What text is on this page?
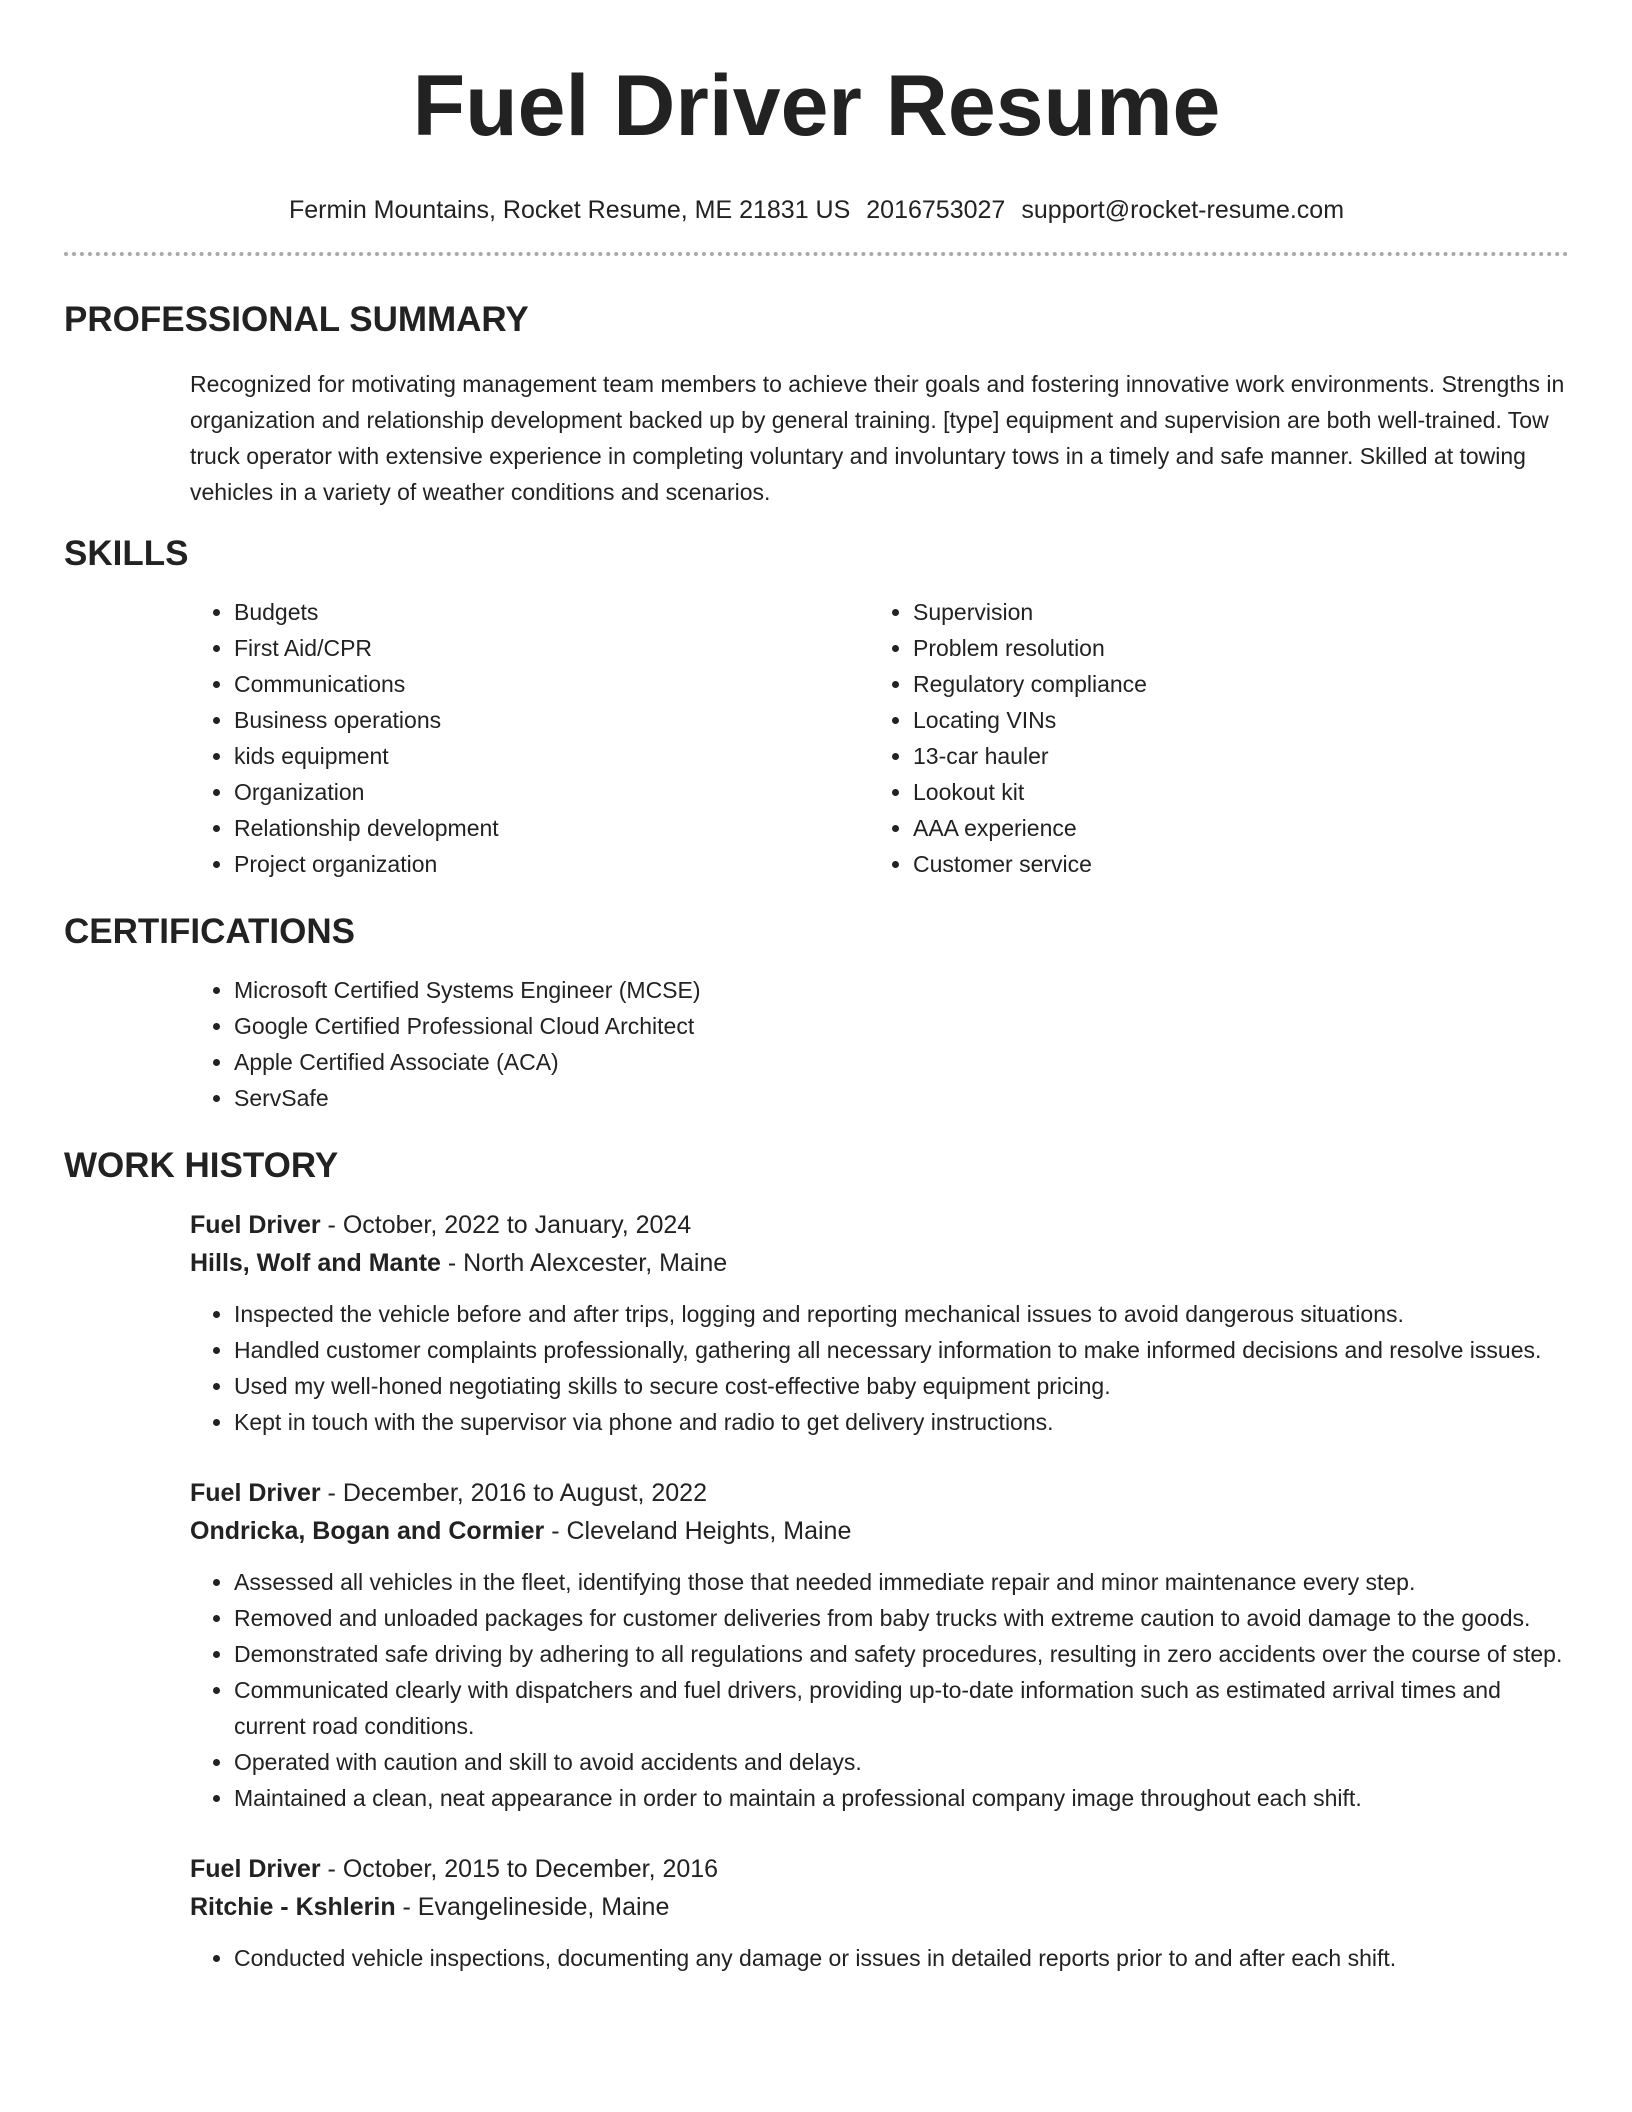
Fuel Driver Resume
Fermin Mountains, Rocket Resume, ME 21831 US 2016753027 support@rocket-resume.com
PROFESSIONAL SUMMARY
Recognized for motivating management team members to achieve their goals and fostering innovative work environments. Strengths in organization and relationship development backed up by general training. [type] equipment and supervision are both well-trained. Tow truck operator with extensive experience in completing voluntary and involuntary tows in a timely and safe manner. Skilled at towing vehicles in a variety of weather conditions and scenarios.
SKILLS
• Budgets
• First Aid/CPR
• Communications
• Business operations
• kids equipment
• Organization
• Relationship development
• Project organization
• Supervision
• Problem resolution
• Regulatory compliance
• Locating VINs
• 13-car hauler
• Lookout kit
• AAA experience
• Customer service
CERTIFICATIONS
• Microsoft Certified Systems Engineer (MCSE)
• Google Certified Professional Cloud Architect
• Apple Certified Associate (ACA)
• ServSafe
WORK HISTORY
Fuel Driver - October, 2022 to January, 2024
Hills, Wolf and Mante - North Alexcester, Maine
• Inspected the vehicle before and after trips, logging and reporting mechanical issues to avoid dangerous situations.
• Handled customer complaints professionally, gathering all necessary information to make informed decisions and resolve issues.
• Used my well-honed negotiating skills to secure cost-effective baby equipment pricing.
• Kept in touch with the supervisor via phone and radio to get delivery instructions.
Fuel Driver - December, 2016 to August, 2022
Ondricka, Bogan and Cormier - Cleveland Heights, Maine
• Assessed all vehicles in the fleet, identifying those that needed immediate repair and minor maintenance every step.
• Removed and unloaded packages for customer deliveries from baby trucks with extreme caution to avoid damage to the goods.
• Demonstrated safe driving by adhering to all regulations and safety procedures, resulting in zero accidents over the course of step.
• Communicated clearly with dispatchers and fuel drivers, providing up-to-date information such as estimated arrival times and current road conditions.
• Operated with caution and skill to avoid accidents and delays.
• Maintained a clean, neat appearance in order to maintain a professional company image throughout each shift.
Fuel Driver - October, 2015 to December, 2016
Ritchie - Kshlerin - Evangelineside, Maine
• Conducted vehicle inspections, documenting any damage or issues in detailed reports prior to and after each shift.
